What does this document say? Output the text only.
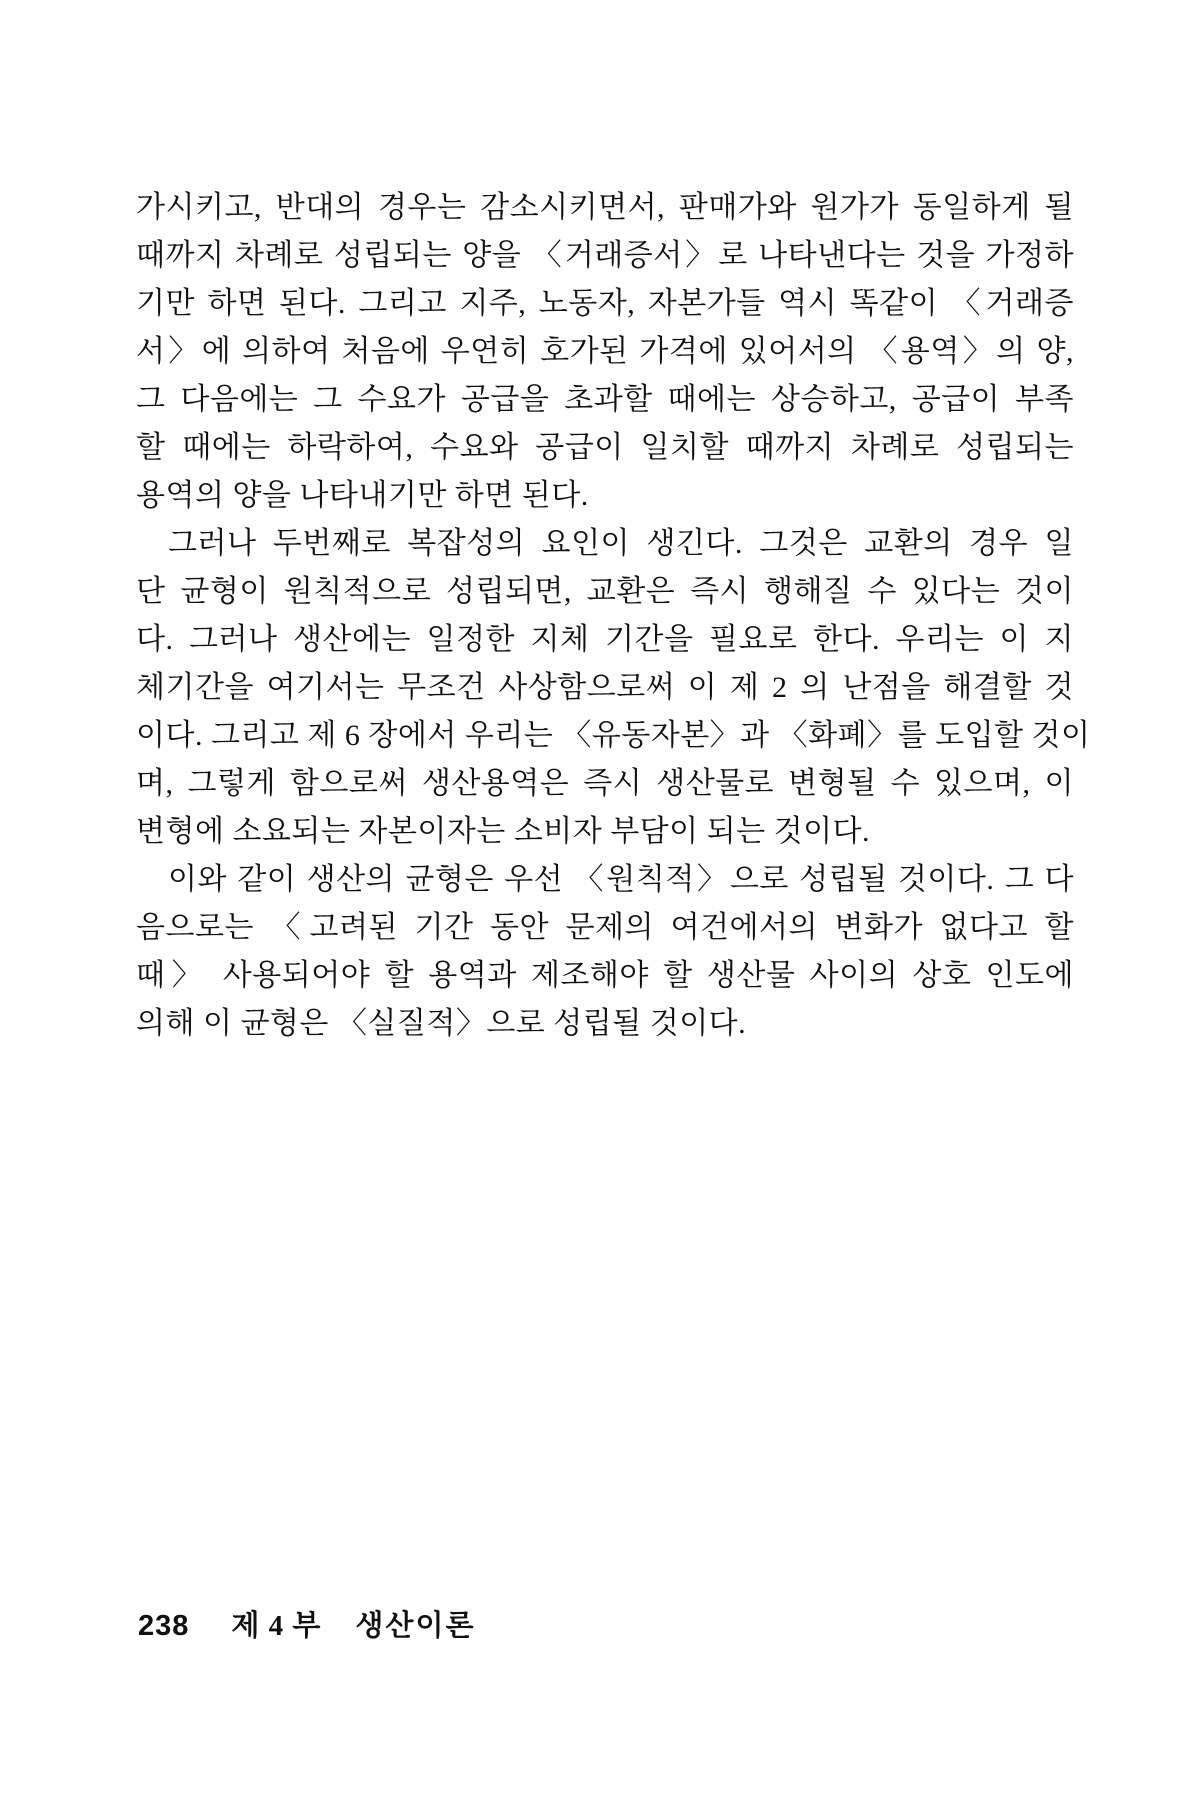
가시키고, 반대의 경우는 감소시키면서, 판매가와 원가가 동일하게 될
때까지 차례로 성립되는 양을 〈거래증서〉로 나타낸다는 것을 가정하
기만 하면 된다. 그리고 지주, 노동자, 자본가들 역시 똑같이 〈거래증
서〉에 의하여 처음에 우연히 호가된 가격에 있어서의 〈용역〉의 양,
그 다음에는 그 수요가 공급을 초과할 때에는 상승하고, 공급이 부족
할 때에는 하락하여, 수요와 공급이 일치할 때까지 차례로 성립되는
용역의 양을 나타내기만 하면 된다.
그러나 두번째로 복잡성의 요인이 생긴다. 그것은 교환의 경우 일
단 균형이 원칙적으로 성립되면, 교환은 즉시 행해질 수 있다는 것이
다. 그러나 생산에는 일정한 지체 기간을 필요로 한다. 우리는 이 지
체기간을 여기서는 무조건 사상함으로써 이 제 2 의 난점을 해결할 것
이다. 그리고 제 6 장에서 우리는 〈유동자본〉과 〈화폐〉를 도입할 것이
며, 그렇게 함으로써 생산용역은 즉시 생산물로 변형될 수 있으며, 이
변형에 소요되는 자본이자는 소비자 부담이 되는 것이다.
이와 같이 생산의 균형은 우선 〈원칙적〉으로 성립될 것이다. 그 다
음으로는 〈고려된 기간 동안 문제의 여건에서의 변화가 없다고 할
때〉 사용되어야 할 용역과 제조해야 할 생산물 사이의 상호 인도에
의해 이 균형은 〈실질적〉으로 성립될 것이다.
238 제 4 부 생산이론
